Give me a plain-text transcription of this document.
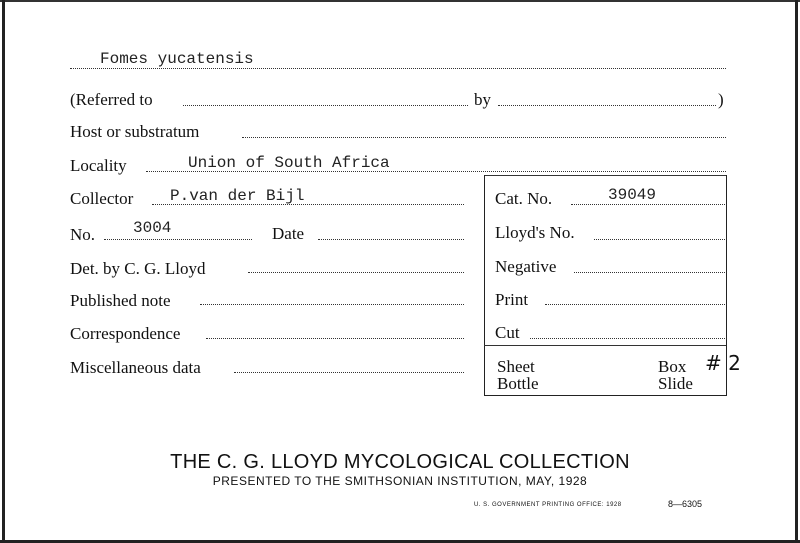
Fomes yucatensis
(Referred to	by	)
Host or substratum
Locality	Union of South Africa
Collector P.van der Bijl	Cat. No.	39049
No. 3004	Date	Lloyd's No.
Det. by C. G. Lloyd	Negative
Published note	Print
Correspondence	Cut
Miscellaneous data	Sheet	Box # 2
Bottle	Slide
THE C. G. LLOYD MYCOLOGICAL COLLECTION
PRESENTED TO THE SMITHSONIAN INSTITUTION, MAY, 1928
U. S. GOVERNMENT PRINTING OFFICE: 1928	8—6305
